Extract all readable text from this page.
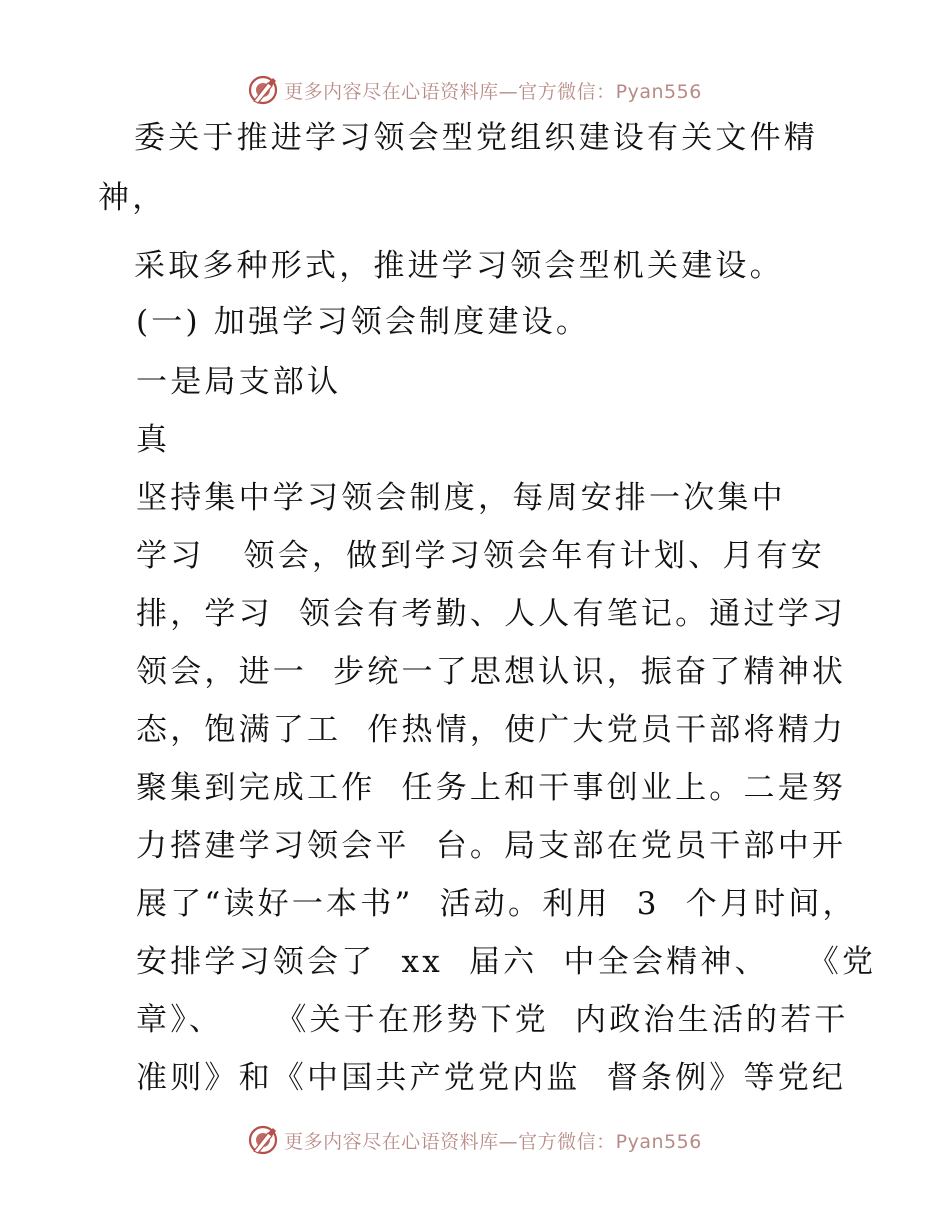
更多内容尽在心语资料库—官方微信：Pyan556
委关于推进学习领会型党组织建设有关文件精
神，
采取多种形式，推进学习领会型机关建设。
(一) 加强学习领会制度建设。
一是局支部认
真
坚持集中学习领会制度，每周安排一次集中
学习   领会，做到学习领会年有计划、月有安
排，学习  领会有考勤、人人有笔记。通过学习
领会，进一  步统一了思想认识，振奋了精神状
态，饱满了工  作热情，使广大党员干部将精力
聚集到完成工作  任务上和干事创业上。二是努
力搭建学习领会平  台。局支部在党员干部中开
展了“读好一本书”  活动。利用  3  个月时间，
安排学习领会了  xx  届六  中全会精神、   《党
章》、    《关于在形势下党  内政治生活的若干
准则》和《中国共产党党内监  督条例》等党纪
更多内容尽在心语资料库—官方微信：Pyan556
